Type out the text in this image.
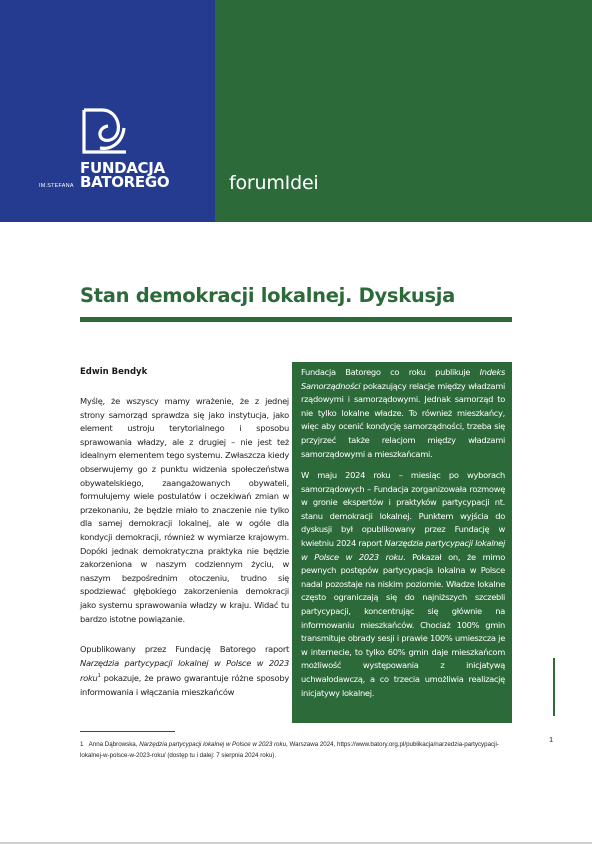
FUNDACJA
BATOREGO
IM.STEFANA	forumIdei
Stan demokracji lokalnej. Dyskusja
Edwin Bendyk

Myślę, że wszyscy mamy wrażenie, że z jednej strony samorząd sprawdza się jako instytucja, jako element ustroju terytorialnego i sposobu sprawowania władzy, ale z drugiej – nie jest też idealnym elementem tego systemu. Zwłaszcza kiedy obserwujemy go z punktu widzenia społeczeństwa obywatelskiego, zaangażowanych obywateli, formułujemy wiele postulatów i oczekiwań zmian w przekonaniu, że będzie miało to znaczenie nie tylko dla samej demokracji lokalnej, ale w ogóle dla kondycji demokracji, również w wymiarze krajowym. Dopóki jednak demokratyczna praktyka nie będzie zakorzeniona w naszym codziennym życiu, w naszym bezpośrednim otoczeniu, trudno się spodziewać głębokiego zakorzenienia demokracji jako systemu sprawowania władzy w kraju. Widać tu bardzo istotne powiązanie.

Opublikowany przez Fundację Batorego raport Narzędzia partycypacji lokalnej w Polsce w 2023 roku$^1$ pokazuje, że prawo gwarantuje różne sposoby informowania i włączania mieszkańców

Fundacja Batorego co roku publikuje Indeks Samorządności pokazujący relacje między władzami rządowymi i samorządowymi. Jednak samorząd to nie tylko lokalne władze. To również mieszkańcy, więc aby ocenić kondycję samorządności, trzeba się przyjrzeć także relacjom między władzami samorządowymi a mieszkańcami.

W maju 2024 roku – miesiąc po wyborach samorządowych – Fundacja zorganizowała rozmowę w gronie ekspertów i praktyków partycypacji nt. stanu demokracji lokalnej. Punktem wyjścia do dyskusji był opublikowany przez Fundację w kwietniu 2024 raport Narzędzia partycypacji lokalnej w Polsce w 2023 roku. Pokazał on, że mimo pewnych postępów partycypacja lokalna w Polsce nadal pozostaje na niskim poziomie. Władze lokalne często ograniczają się do najniższych szczebli partycypacji, koncentrując się głównie na informowaniu mieszkańców. Chociaż 100% gmin transmituje obrady sesji i prawie 100% umieszcza je w internecie, to tylko 60% gmin daje mieszkańcom możliwość występowania z inicjatywą uchwałodawczą, a co trzecia umożliwia realizację inicjatywy lokalnej.

1 Anna Dąbrowska, Narzędzia partycypacji lokalnej w Polsce w 2023 roku, Warszawa 2024, https://www.batory.org.pl/publikacja/narzedzia-partycypacji-lokalnej-w-polsce-w-2023-roku/ (dostęp tu i dalej: 7 sierpnia 2024 roku).
1
